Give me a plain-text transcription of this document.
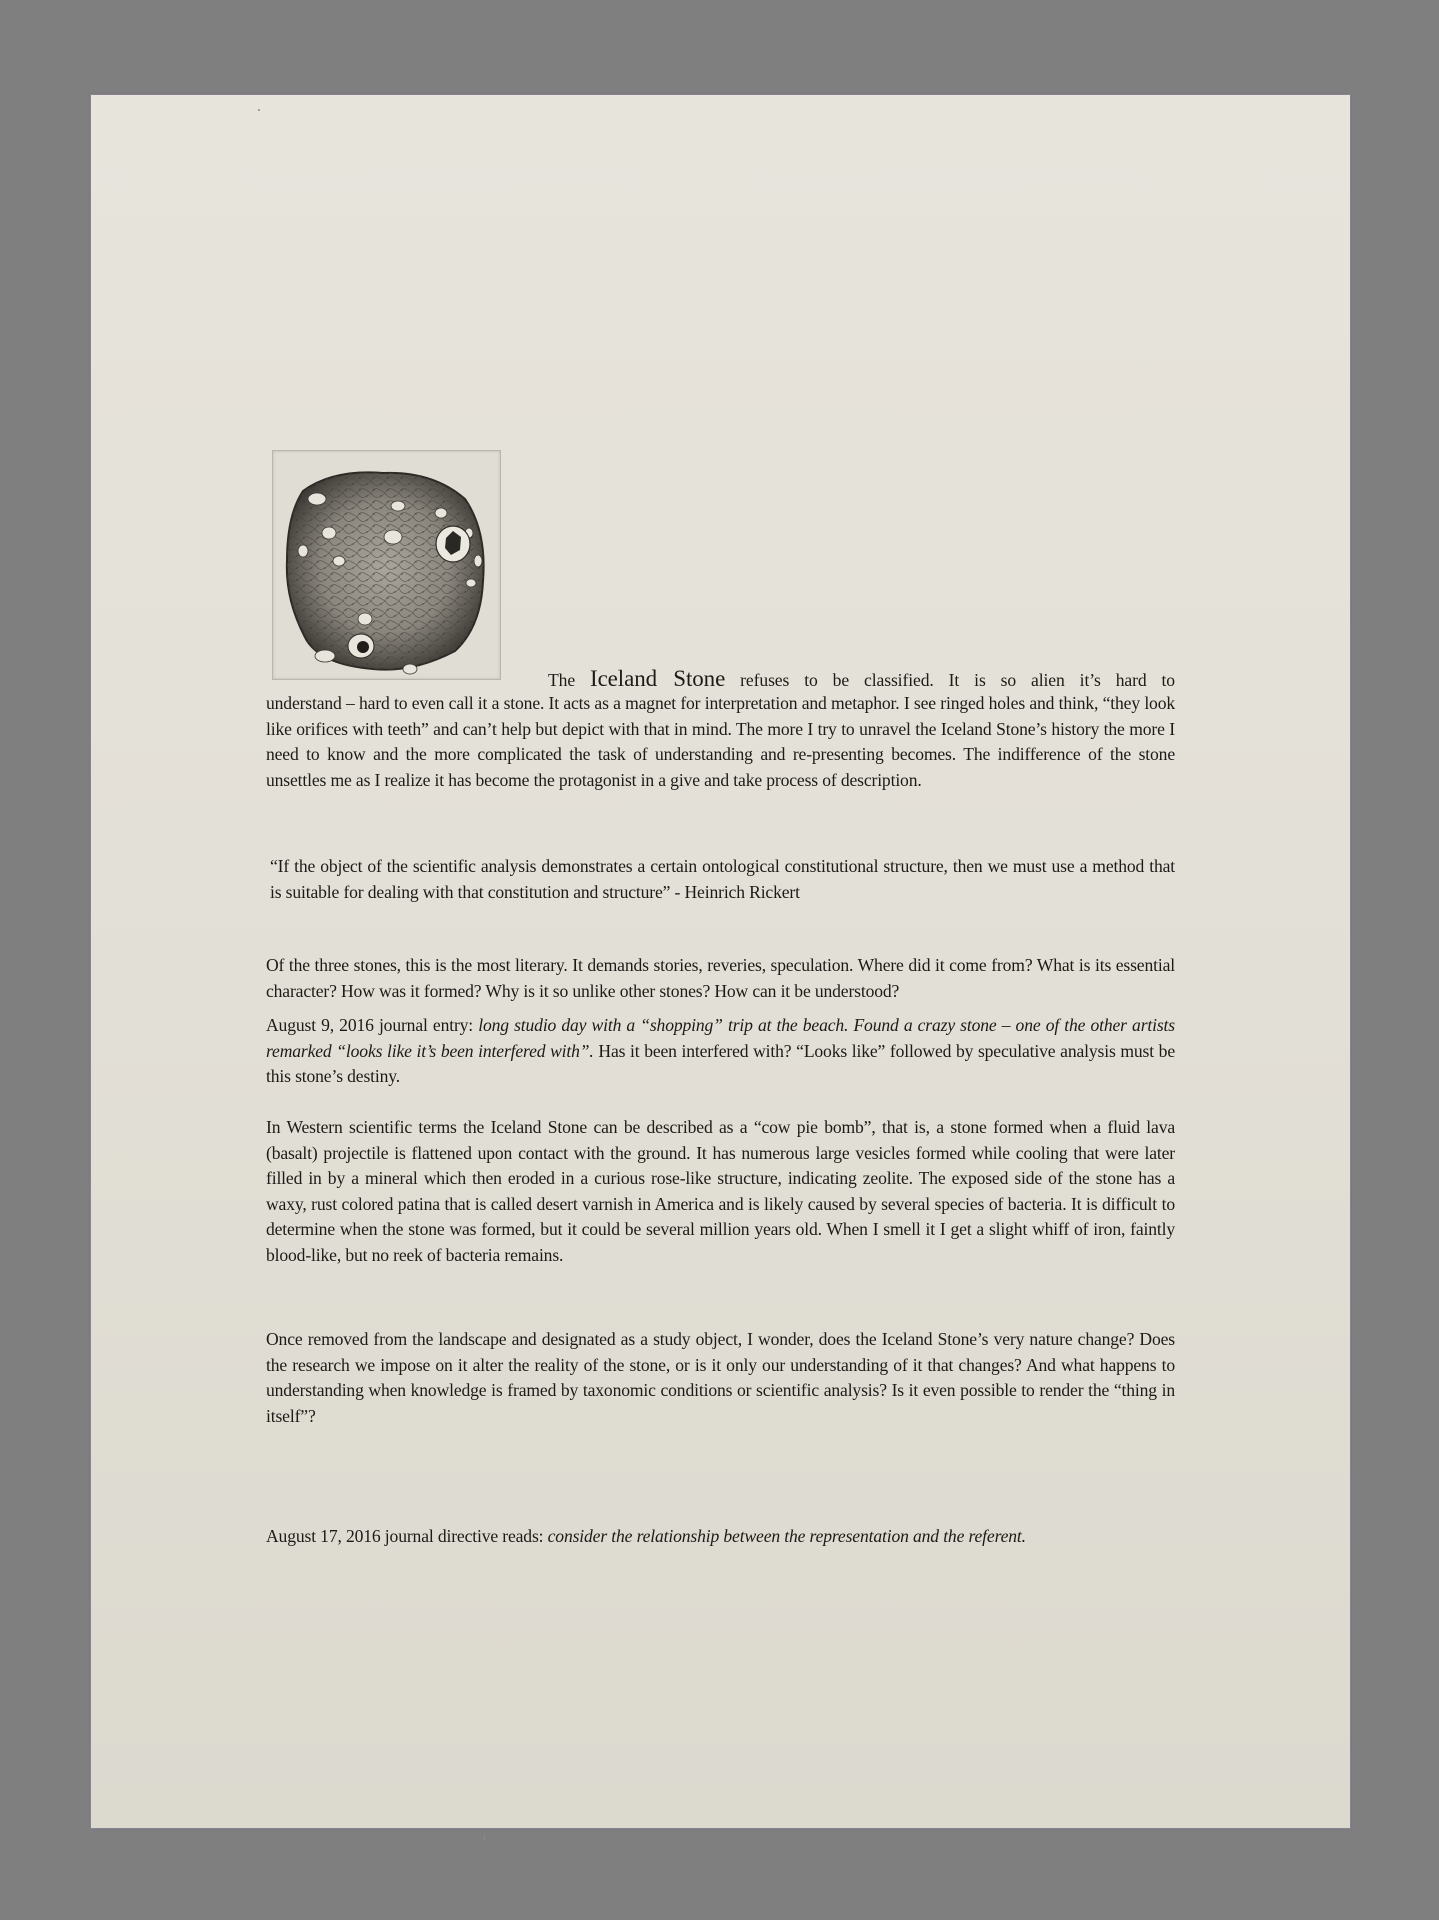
The Iceland Stone refuses to be classified. It is so alien it’s hard to

understand – hard to even call it a stone. It acts as a magnet for interpretation and metaphor. I see ringed holes and think, “they look like orifices with teeth” and can’t help but depict with that in mind. The more I try to unravel the Iceland Stone’s history the more I need to know and the more complicated the task of understanding and re-presenting becomes. The indifference of the stone unsettles me as I realize it has become the protagonist in a give and take process of description.

“If the object of the scientific analysis demonstrates a certain ontological constitutional structure, then we must use a method that is suitable for dealing with that constitution and structure” - Heinrich Rickert

Of the three stones, this is the most literary. It demands stories, reveries, speculation. Where did it come from? What is its essential character? How was it formed? Why is it so unlike other stones? How can it be understood?

August 9, 2016 journal entry: long studio day with a “shopping” trip at the beach. Found a crazy stone – one of the other artists remarked “looks like it’s been interfered with”. Has it been interfered with? “Looks like” followed by speculative analysis must be this stone’s destiny.

In Western scientific terms the Iceland Stone can be described as a “cow pie bomb”, that is, a stone formed when a fluid lava (basalt) projectile is flattened upon contact with the ground. It has numerous large vesicles formed while cooling that were later filled in by a mineral which then eroded in a curious rose-like structure, indicating zeolite. The exposed side of the stone has a waxy, rust colored patina that is called desert varnish in America and is likely caused by several species of bacteria. It is difficult to determine when the stone was formed, but it could be several million years old. When I smell it I get a slight whiff of iron, faintly blood-like, but no reek of bacteria remains.

Once removed from the landscape and designated as a study object, I wonder, does the Iceland Stone’s very nature change? Does the research we impose on it alter the reality of the stone, or is it only our understanding of it that changes? And what happens to understanding when knowledge is framed by taxonomic conditions or scientific analysis? Is it even possible to render the “thing in itself”?

August 17, 2016 journal directive reads: consider the relationship between the representation and the referent.
